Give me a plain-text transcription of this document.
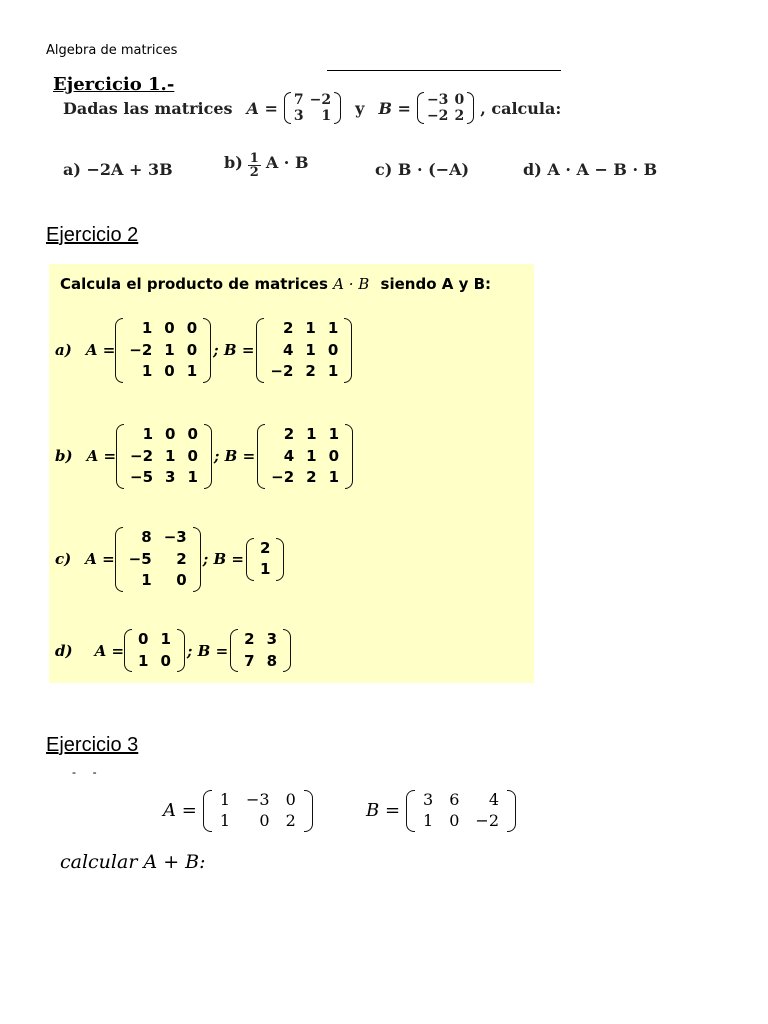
Algebra de matrices
Ejercicio 1.-
Dadas las matrices A = 7	−2
3	1 y B = −3	0
−2	2 , calcula:
a) −2A + 3B	$b) \frac{1}{2}$ A · B	c) B · (−A)	d) A · A − B · B
Ejercicio 2
Calcula el producto de matrices A · B siendo A y B:
a) A =
1	0	0
−2	1	0
1	0	1
; B =
2	1	1
4	1	0
−2	2	1
b) A =
1	0	0
−2	1	0
−5	3	1
; B =
2	1	1
4	1	0
−2	2	1
c) A =
8	−3
−5	2
1	0
; B =
2
1
d) A =
0	1
1	0
; B =
2	3
7	8
Ejercicio 3
-     -
A =
1	−3	0
1	0	2	B =
3	6	4
1	0	−2
calcular A + B:
